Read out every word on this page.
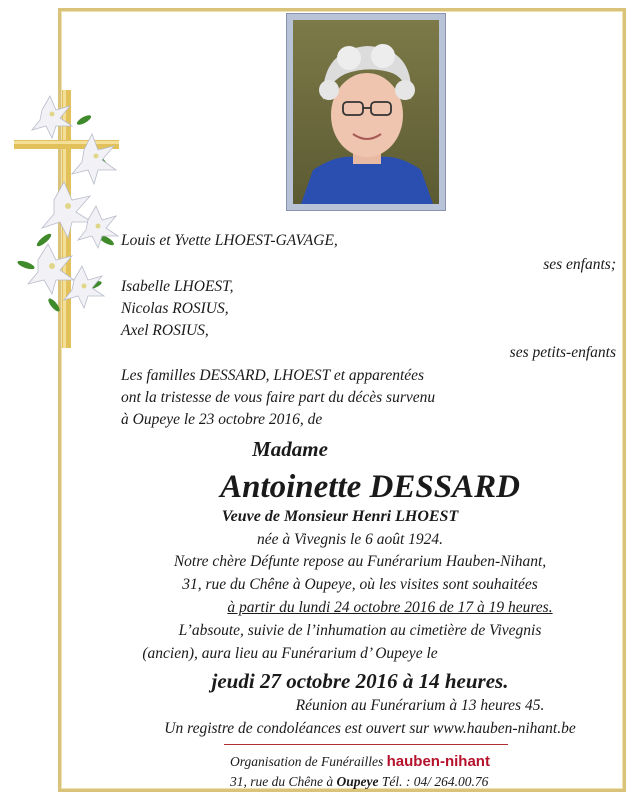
Louis et Yvette LHOEST-GAVAGE,
ses enfants;
Isabelle LHOEST,
Nicolas ROSIUS,
Axel ROSIUS,
ses petits-enfants
Les familles DESSARD, LHOEST et apparentées
ont la tristesse de vous faire part du décès survenu
à Oupeye le 23 octobre 2016, de
Madame
Antoinette DESSARD
Veuve de Monsieur Henri LHOEST
née à Vivegnis le 6 août 1924.
Notre chère Défunte repose au Funérarium Hauben-Nihant,
31, rue du Chêne à Oupeye, où les visites sont souhaitées
à partir du lundi 24 octobre 2016 de 17 à 19 heures.
L’absoute, suivie de l’inhumation au cimetière de Vivegnis
(ancien), aura lieu au Funérarium d’ Oupeye le
jeudi 27 octobre 2016 à 14 heures.
Réunion au Funérarium à 13 heures 45.
Un registre de condoléances est ouvert sur www.hauben-nihant.be
Organisation de Funérailles hauben-nihant
31, rue du Chêne à Oupeye Tél. : 04/ 264.00.76
